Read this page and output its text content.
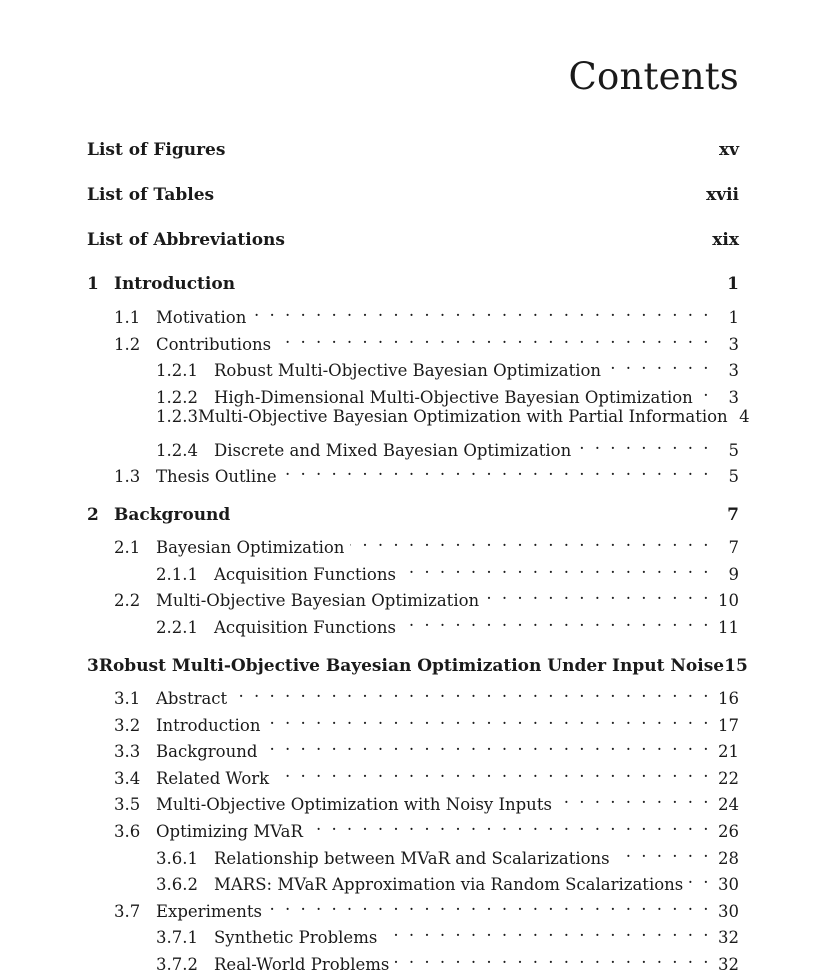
Contents
List of Figures	xv
List of Tables	xvii
List of Abbreviations	xix
1 Introduction	1
1.1 Motivation . . .	1
1.2 Contributions . . .	3
1.2.1 Robust Multi-Objective Bayesian Optimization . . .	3
1.2.2 High-Dimensional Multi-Objective Bayesian Optimization . . .	3
1.2.3 Multi-Objective Bayesian Optimization with Partial Information 4
1.2.4 Discrete and Mixed Bayesian Optimization . . .	5
1.3 Thesis Outline . . .	5
2 Background	7
2.1 Bayesian Optimization . . .	7
2.1.1 Acquisition Functions . . .	9
2.2 Multi-Objective Bayesian Optimization . . .	10
2.2.1 Acquisition Functions . . .	11
3 Robust Multi-Objective Bayesian Optimization Under Input Noise 15
3.1 Abstract . . .	16
3.2 Introduction . . .	17
3.3 Background . . .	21
3.4 Related Work . . .	22
3.5 Multi-Objective Optimization with Noisy Inputs . . .	24
3.6 Optimizing MVaR . . .	26
3.6.1 Relationship between MVaR and Scalarizations . . .	28
3.6.2 MARS: MVaR Approximation via Random Scalarizations . . . 30
3.7 Experiments . . .	30
3.7.1 Synthetic Problems . . .	32
3.7.2 Real-World Problems . . .	32
